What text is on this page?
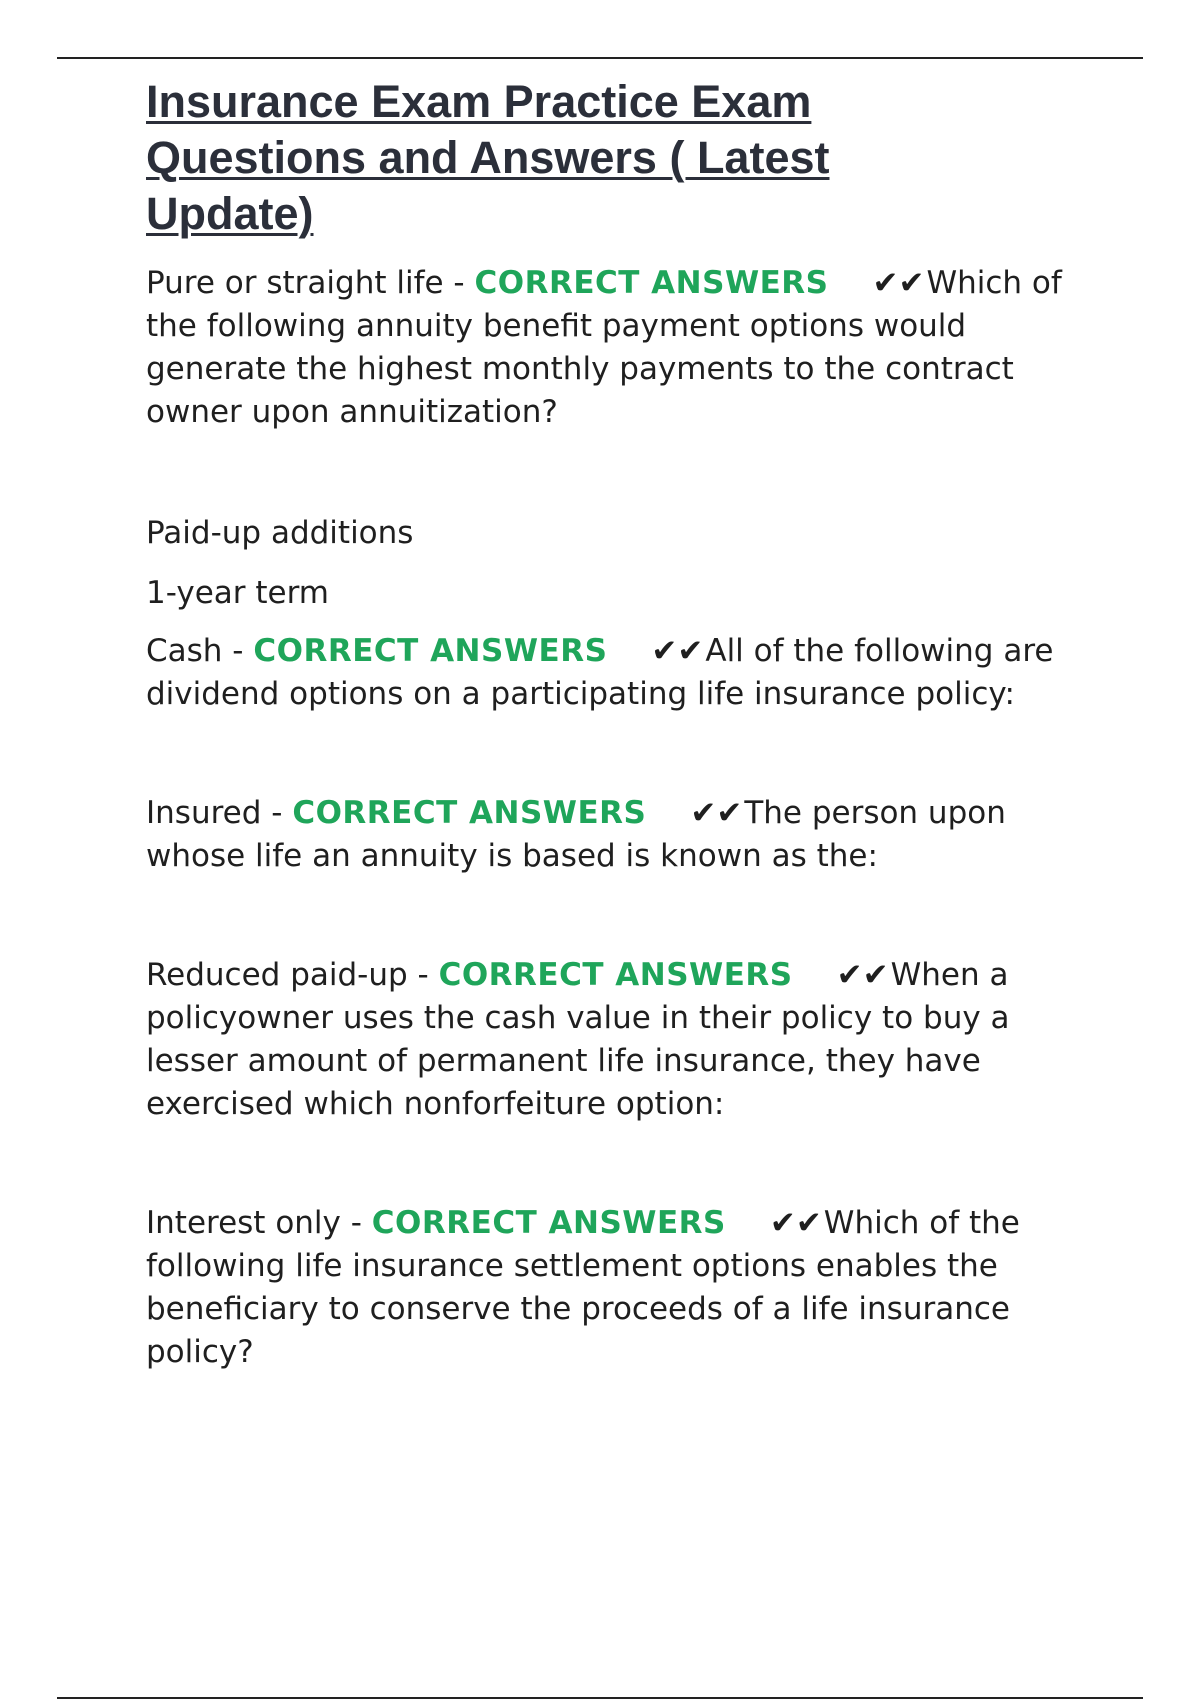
Insurance Exam Practice Exam Questions and Answers ( Latest Update)

Pure or straight life - CORRECT ANSWERS ✔✔Which of the following annuity benefit payment options would generate the highest monthly payments to the contract owner upon annuitization?

Paid-up additions

1-year term

Cash - CORRECT ANSWERS ✔✔All of the following are dividend options on a participating life insurance policy:

Insured - CORRECT ANSWERS ✔✔The person upon whose life an annuity is based is known as the:

Reduced paid-up - CORRECT ANSWERS ✔✔When a policyowner uses the cash value in their policy to buy a lesser amount of permanent life insurance, they have exercised which nonforfeiture option:

Interest only - CORRECT ANSWERS ✔✔Which of the following life insurance settlement options enables the beneficiary to conserve the proceeds of a life insurance policy?
